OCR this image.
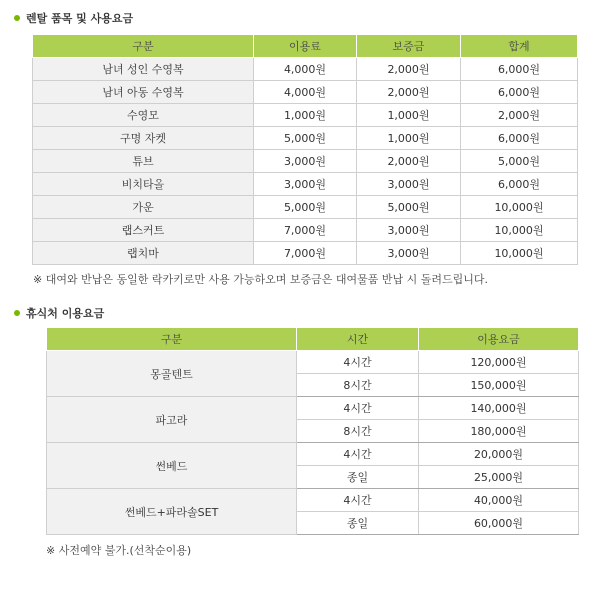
렌탈 품목 및 사용요금
구분	이용료	보증금	합계
남녀 성인 수영복	4,000원	2,000원	6,000원
남녀 아동 수영복	4,000원	2,000원	6,000원
수영모	1,000원	1,000원	2,000원
구명 자켓	5,000원	1,000원	6,000원
튜브	3,000원	2,000원	5,000원
비치타올	3,000원	3,000원	6,000원
가운	5,000원	5,000원	10,000원
랩스커트	7,000원	3,000원	10,000원
랩치마	7,000원	3,000원	10,000원
※ 대여와 반납은 동일한 락카키로만 사용 가능하오며 보증금은 대여물품 반납 시 돌려드립니다.
휴식처 이용요금
구분	시간	이용요금
몽골텐트	4시간	120,000원
	8시간	150,000원
파고라	4시간	140,000원
	8시간	180,000원
썬베드	4시간	20,000원
	종일	25,000원
썬베드+파라솔SET	4시간	40,000원
	종일	60,000원
※ 사전예약 불가.(선착순이용)
